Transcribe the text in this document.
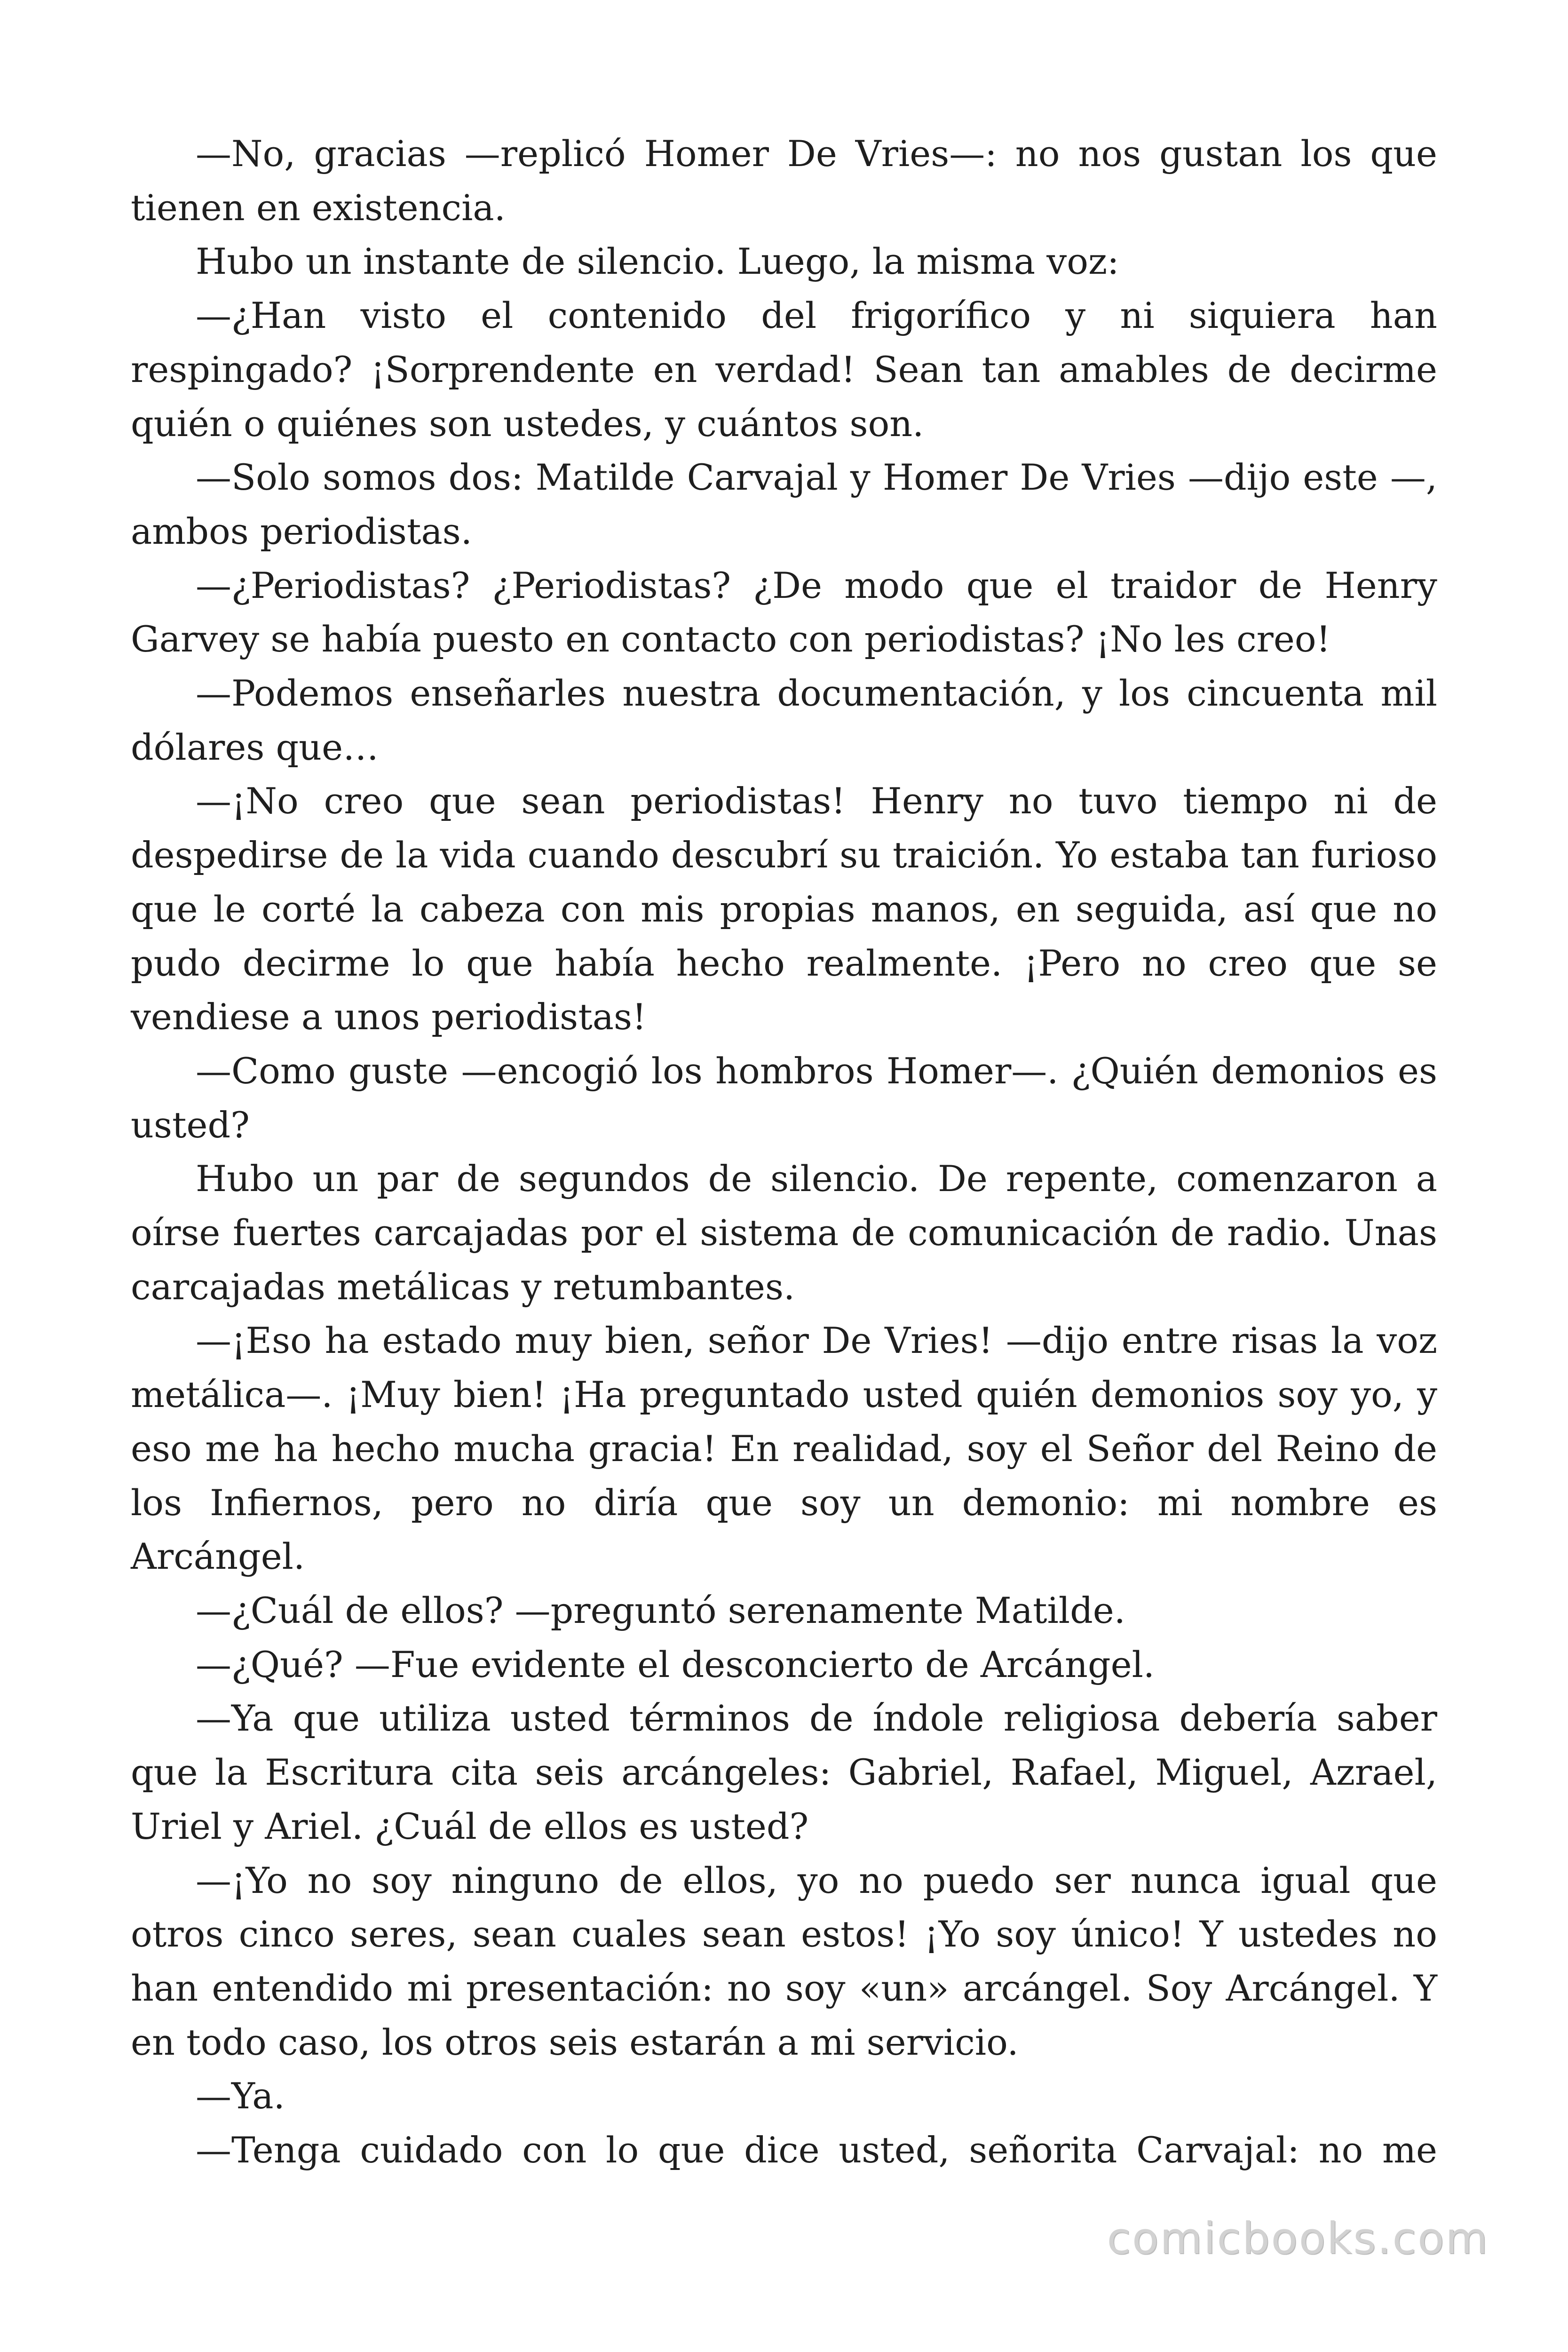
—No, gracias —replicó Homer De Vries—: no nos gustan los que tienen en existencia.

Hubo un instante de silencio. Luego, la misma voz:

—¿Han visto el contenido del frigorífico y ni siquiera han respingado? ¡Sorprendente en verdad! Sean tan amables de decirme quién o quiénes son ustedes, y cuántos son.

—Solo somos dos: Matilde Carvajal y Homer De Vries —dijo este —, ambos periodistas.

—¿Periodistas? ¿Periodistas? ¿De modo que el traidor de Henry Garvey se había puesto en contacto con periodistas? ¡No les creo!

—Podemos enseñarles nuestra documentación, y los cincuenta mil dólares que…

—¡No creo que sean periodistas! Henry no tuvo tiempo ni de despedirse de la vida cuando descubrí su traición. Yo estaba tan furioso que le corté la cabeza con mis propias manos, en seguida, así que no pudo decirme lo que había hecho realmente. ¡Pero no creo que se vendiese a unos periodistas!

—Como guste —encogió los hombros Homer—. ¿Quién demonios es usted?

Hubo un par de segundos de silencio. De repente, comenzaron a oírse fuertes carcajadas por el sistema de comunicación de radio. Unas carcajadas metálicas y retumbantes.

—¡Eso ha estado muy bien, señor De Vries! —dijo entre risas la voz metálica—. ¡Muy bien! ¡Ha preguntado usted quién demonios soy yo, y eso me ha hecho mucha gracia! En realidad, soy el Señor del Reino de los Infiernos, pero no diría que soy un demonio: mi nombre es Arcángel.

—¿Cuál de ellos? —preguntó serenamente Matilde.

—¿Qué? —Fue evidente el desconcierto de Arcángel.

—Ya que utiliza usted términos de índole religiosa debería saber que la Escritura cita seis arcángeles: Gabriel, Rafael, Miguel, Azrael, Uriel y Ariel. ¿Cuál de ellos es usted?

—¡Yo no soy ninguno de ellos, yo no puedo ser nunca igual que otros cinco seres, sean cuales sean estos! ¡Yo soy único! Y ustedes no han entendido mi presentación: no soy «un» arcángel. Soy Arcángel. Y en todo caso, los otros seis estarán a mi servicio.

—Ya.

—Tenga cuidado con lo que dice usted, señorita Carvajal: no me

comicbooks.com
